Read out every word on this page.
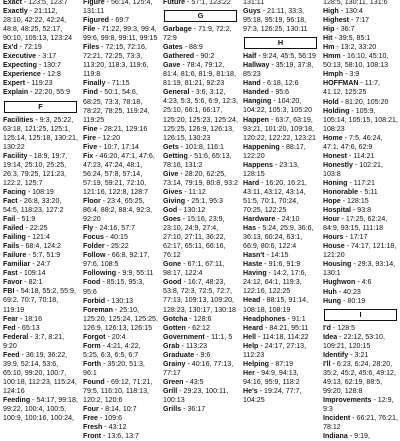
Exact - 123:5, 123:7
Exactly - 21:112, 28:10, 42:22, 42:24, 48:8, 48:25, 52:17, 90:10, 105:13, 123:24
Ex'd - 72:19
Executive - 3:17
Expecting - 130:7
Experience - 12:8
Expert - 119:23
Explain - 22:20, 55:9
F
Facilities - 9:3, 25:22, 63:18, 121:25, 125:1, 125:14, 125:18, 130:21, 130:22
Facility - 18:9, 19:7, 19:14, 25:10, 25:25, 26:3, 79:25, 121:23, 122:2, 125:7
Facing - 108:19
Fact - 26:8, 33:20, 54:5, 118:23, 127:2
Fail - 51:9
Failed - 22:25
Failing - 121:4
Fails - 68:4, 124:2
Failure - 5:7, 51:9
Familiar - 24:7
Fast - 109:14
Favor - 82:1
FBI - 54:18, 55:2, 55:9, 69:2, 70:7, 70:18, 119:19
Fear - 18:16
Fed - 65:13
Federal - 3:7, 8:21, 9:20
Feed - 36:19, 36:22, 39:9, 52:14, 53:6, 65:10, 99:20, 100:7, 100:18, 112:23, 115:24, 124:16
Feeding - 54:17, 99:18, 99:22, 100:4, 100:5, 100:9, 100:16, 100:24,
Figure - 56:14, 125:4, 131:11
Figured - 69:7
File - 71:22, 99:3, 99:4, 99:6, 99:8, 99:11, 99:15
Files - 72:15, 72:16, 72:21, 72:25, 73:3, 113:20, 118:3, 119:6, 119:8
Finally - 71:15
Find - 50:1, 54:6, 68:25, 73:3, 78:18, 78:22, 78:25, 119:24, 119:25
Fine - 28:21, 129:16
Fire - 12:20
Five - 10:7, 17:14
Fix - 46:20, 47:1, 47:6, 47:23, 47:24, 48:1, 56:24, 57:8, 57:14, 57:19, 59:21, 72:10, 121:16, 122:8, 128:7
Floor - 23:4, 65:25, 86:4, 88:2, 88:4, 92:3, 92:20
Fly - 24:16, 57:7
Focus - 40:15
Folder - 25:22
Follow - 66:8, 92:17, 97:6, 108:5
Following - 9:9, 55:11
Food - 85:15, 95:3, 95:6
Forbid - 130:13
Foreman - 25:10, 125:20, 125:24, 125:25, 126:9, 126:13, 126:15
Forgot - 20:4
Form - 4:21, 4:22, 5:25, 6:3, 6:5, 6:7
Forth - 35:20, 51:3, 96:1
Found - 69:12, 71:21, 79:5, 116:10, 118:13, 120:2, 120:6
Four - 8:14, 10:7
Free - 109:6
Fresh - 43:12
Front - 13:6, 13:7
Future - 57:1, 123:22
G
Garbage - 71:9, 72:2, 72:9
Gates - 88:9
Gathered - 90:2
Gave - 78:4, 79:12, 81:4, 81:6, 81:9, 81:18, 81:19, 81:21, 92:23
General - 3:6, 3:12, 4:23, 5:3, 5:6, 6:9, 12:3, 25:10, 66:1, 66:17, 125:20, 125:23, 125:24, 125:25, 126:9, 126:13, 126:15, 130:23
Gets - 101:8, 116:1
Getting - 51:6, 65:13, 78:16, 131:2
Give - 28:20, 62:25, 73:14, 79:19, 80:8, 93:2
Gives - 11:12
Giving - 25:1, 95:3
God - 130:12
Goes - 15:16, 23:9, 23:10, 24:9, 27:4, 27:10, 27:11, 36:22, 62:17, 65:11, 66:16, 76:12
Gone - 67:1, 67:11, 98:17, 122:4
Good - 16:7, 48:23, 53:8, 72:3, 72:5, 72:7, 77:13, 109:13, 109:20, 128:23, 130:17, 130:18
Gotcha - 128:6
Gotten - 62:12
Government - 11:1, 5
Grab - 113:23
Graduate - 9:6
Grainy - 40:16, 77:13, 77:17
Green - 43:5
Grill - 29:23, 100:11, 100:13
Grills - 36:17
131:11
Guys - 21:11, 33:3, 95:18, 95:19, 96:18, 97:3, 126:25, 130:11
H
Half - 9:24, 45:5, 56:19
Hallway - 35:19, 37:8, 85:23
Hand - 6:18, 12:6
Handed - 95:6
Hanging - 104:20, 104:22, 105:3, 105:20
Happen - 63:7, 63:19, 93:21, 101:20, 109:18, 120:22, 122:22, 123:21
Happening - 88:17, 122:20
Happens - 23:13, 128:15
Hard - 16:20, 16:21, 43:11, 43:12, 43:14, 51:5, 70:1, 70:24, 70:25, 122:25
Hardware - 24:10
Has - 5:24, 25:9, 36:6, 36:13, 60:24, 63:1, 66:9, 80:6, 122:4
Hasn't - 14:15
Haste - 91:6, 91:9
Having - 14:2, 17:6, 24:12, 64:1, 119:3, 122:16, 122:25
Head - 88:15, 91:14, 108:18, 108:19
Headphones - 91:1
Heard - 84:21, 95:11
Hell - 114:18, 114:22
Help - 24:17, 27:13, 112:23
Helping - 87:19
Her - 94:9, 94:13, 94:16, 95:9, 118:2
He's - 19:24, 77:7, 104:25
128:5, 130:11, 131:6
High - 130:4
Highest - 7:17
Hip - 36:7
Hit - 39:5, 85:1
Hm - 13:2, 33:20
Hmm - 16:10, 45:10, 50:13, 58:10, 108:13
Hmph - 3:9
HOFFMAN - 11:7, 41:12, 125:25
Hold - 81:20, 105:20
Holding - 105:9, 105:14, 105:15, 108:21, 108:23
Home - 7:5, 46:24, 47:1, 47:6, 62:9
Honest - 114:21
Honestly - 102:21, 103:8
Honing - 117:21
Honorable - 5:11
Hope - 128:15
Hospital - 93:8
Hour - 17:25, 62:24, 84:9, 93:15, 111:18
Hours - 17:17
House - 74:17, 121:18, 121:20
Housing - 29:3, 93:14, 130:1
Hughwon - 4:6
Huh - 40:23
Hung - 80:19
I
I'd - 128:5
Idea - 22:12, 53:10, 109:21, 120:15
Identify - 3:21
I'll - 6:23, 6:24, 28:20, 35:2, 45:2, 45:6, 49:12, 49:13, 62:19, 88:5, 99:20, 128:8
Improvements - 12:9, 9:3
Incident - 66:21, 76:21, 78:12
Indiana - 9:19,
